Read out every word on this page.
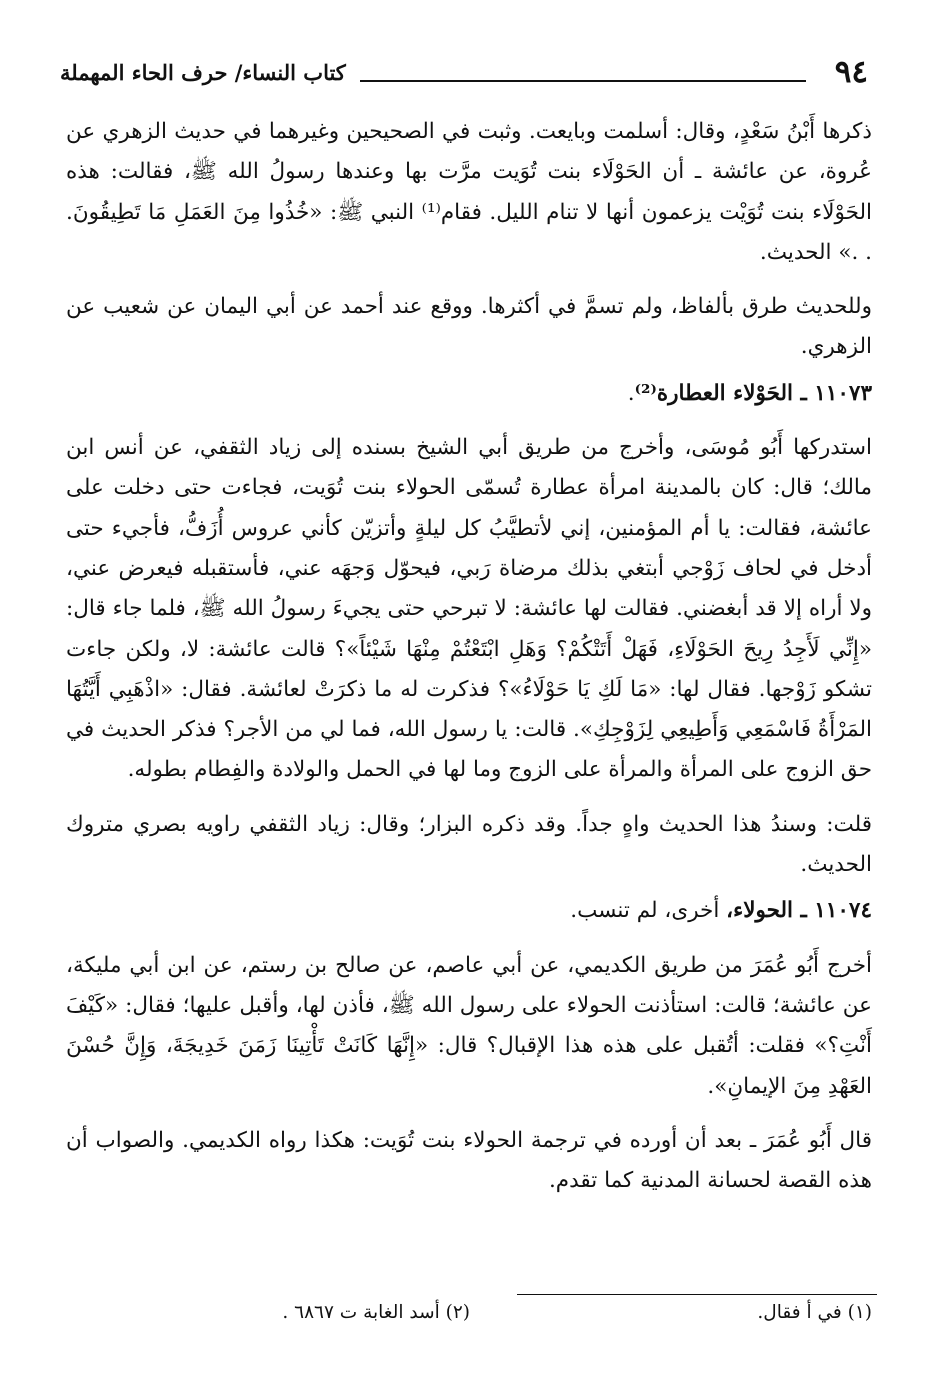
٩٤
كتاب النساء/ حرف الحاء المهملة

ذكرها أَبْنُ سَعْدٍ، وقال: أسلمت وبايعت. وثبت في الصحيحين وغيرهما في حديث الزهري عن عُروة، عن عائشة ـ أن الحَوْلَاء بنت تُوَيت مرَّت بها وعندها رسولُ الله ﷺ، فقالت: هذه الحَوْلَاء بنت تُوَيْت يزعمون أنها لا تنام الليل. فقام⁽¹⁾ النبي ﷺ: «خُذُوا مِنَ العَمَلِ مَا تَطِيقُونَ. . .» الحديث.

وللحديث طرق بألفاظ، ولم تسمَّ في أكثرها. ووقع عند أحمد عن أبي اليمان عن شعيب عن الزهري.

١١٠٧٣ ـ الحَوْلاء العطارة⁽²⁾.

استدركها أَبُو مُوسَى، وأخرج من طريق أبي الشيخ بسنده إلى زياد الثقفي، عن أنس ابن مالك؛ قال: كان بالمدينة امرأة عطارة تُسمّى الحولاء بنت تُوَيت، فجاءت حتى دخلت على عائشة، فقالت: يا أم المؤمنين، إني لأتطيَّبُ كل ليلةٍ وأتزيّن كأني عروس أُزَفُّ، فأجيء حتى أدخل في لحاف زَوْجي أبتغي بذلك مرضاة رَبي، فيحوّل وَجهَه عني، فأستقبله فيعرض عني، ولا أراه إلا قد أبغضني. فقالت لها عائشة: لا تبرحي حتى يجيءَ رسولُ الله ﷺ، فلما جاء قال: «إِنِّي لَأَجِدُ رِيحَ الحَوْلَاءِ، فَهَلْ أَتَتْكُمْ؟ وَهَلِ ابْتَعْتُمْ مِنْهَا شَيْئاً»؟ قالت عائشة: لا، ولكن جاءت تشكو زَوْجها. فقال لها: «مَا لَكِ يَا حَوْلَاءُ»؟ فذكرت له ما ذكرَتْ لعائشة. فقال: «اذْهَبِي أَيَّتُهَا المَرْأَةُ فَاسْمَعِي وَأَطِيعِي لِزَوْجِكِ». قالت: يا رسول الله، فما لي من الأجر؟ فذكر الحديث في حق الزوج على المرأة والمرأة على الزوج وما لها في الحمل والولادة والفِطام بطوله.

قلت: وسندُ هذا الحديث واهٍ جداً. وقد ذكره البزار؛ وقال: زياد الثقفي راويه بصري متروك الحديث.

١١٠٧٤ ـ الحولاء، أخرى، لم تنسب.

أخرج أَبُو عُمَرَ من طريق الكديمي، عن أبي عاصم، عن صالح بن رستم، عن ابن أبي مليكة، عن عائشة؛ قالت: استأذنت الحولاء على رسول الله ﷺ، فأذن لها، وأقبل عليها؛ فقال: «كَيْفَ أَنْتِ؟» فقلت: أتُقبل على هذه هذا الإقبال؟ قال: «إِنَّهَا كَانَتْ تَأْتِينَا زَمَنَ خَدِيجَةَ، وَإِنَّ حُسْنَ العَهْدِ مِنَ الإيمانِ».

قال أَبُو عُمَرَ ـ بعد أن أورده في ترجمة الحولاء بنت تُوَيت: هكذا رواه الكديمي. والصواب أن هذه القصة لحسانة المدنية كما تقدم.

(١) في أ فقال.
(٢) أسد الغابة ت ٦٨٦٧ .
